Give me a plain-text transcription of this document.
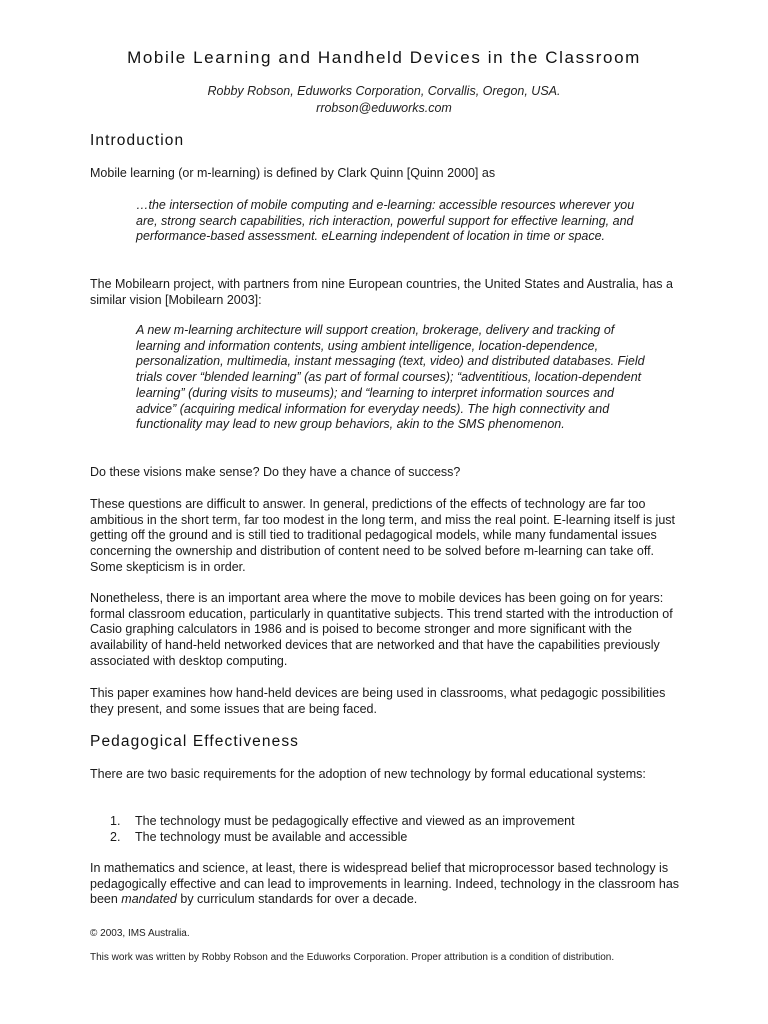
Mobile Learning and Handheld Devices in the Classroom
Robby Robson, Eduworks Corporation, Corvallis, Oregon, USA.
rrobson@eduworks.com
Introduction
Mobile learning (or m-learning) is defined by Clark Quinn [Quinn 2000] as
…the intersection of mobile computing and e-learning: accessible resources wherever you are, strong search capabilities, rich interaction, powerful support for effective learning, and performance-based assessment. eLearning independent of location in time or space.
The Mobilearn project, with partners from nine European countries, the United States and Australia, has a similar vision [Mobilearn 2003]:
A new m-learning architecture will support creation, brokerage, delivery and tracking of learning and information contents, using ambient intelligence, location-dependence, personalization, multimedia, instant messaging (text, video) and distributed databases. Field trials cover “blended learning” (as part of formal courses); “adventitious, location-dependent learning” (during visits to museums); and “learning to interpret information sources and advice” (acquiring medical information for everyday needs). The high connectivity and functionality may lead to new group behaviors, akin to the SMS phenomenon.
Do these visions make sense? Do they have a chance of success?
These questions are difficult to answer. In general, predictions of the effects of technology are far too ambitious in the short term, far too modest in the long term, and miss the real point. E-learning itself is just getting off the ground and is still tied to traditional pedagogical models, while many fundamental issues concerning the ownership and distribution of content need to be solved before m-learning can take off. Some skepticism is in order.
Nonetheless, there is an important area where the move to mobile devices has been going on for years: formal classroom education, particularly in quantitative subjects. This trend started with the introduction of Casio graphing calculators in 1986 and is poised to become stronger and more significant with the availability of hand-held networked devices that are networked and that have the capabilities previously associated with desktop computing.
This paper examines how hand-held devices are being used in classrooms, what pedagogic possibilities they present, and some issues that are being faced.
Pedagogical Effectiveness
There are two basic requirements for the adoption of new technology by formal educational systems:
1.	The technology must be pedagogically effective and viewed as an improvement
2.	The technology must be available and accessible
In mathematics and science, at least, there is widespread belief that microprocessor based technology is pedagogically effective and can lead to improvements in learning. Indeed, technology in the classroom has been mandated by curriculum standards for over a decade.
© 2003, IMS Australia.
This work was written by Robby Robson and the Eduworks Corporation. Proper attribution is a condition of distribution.
